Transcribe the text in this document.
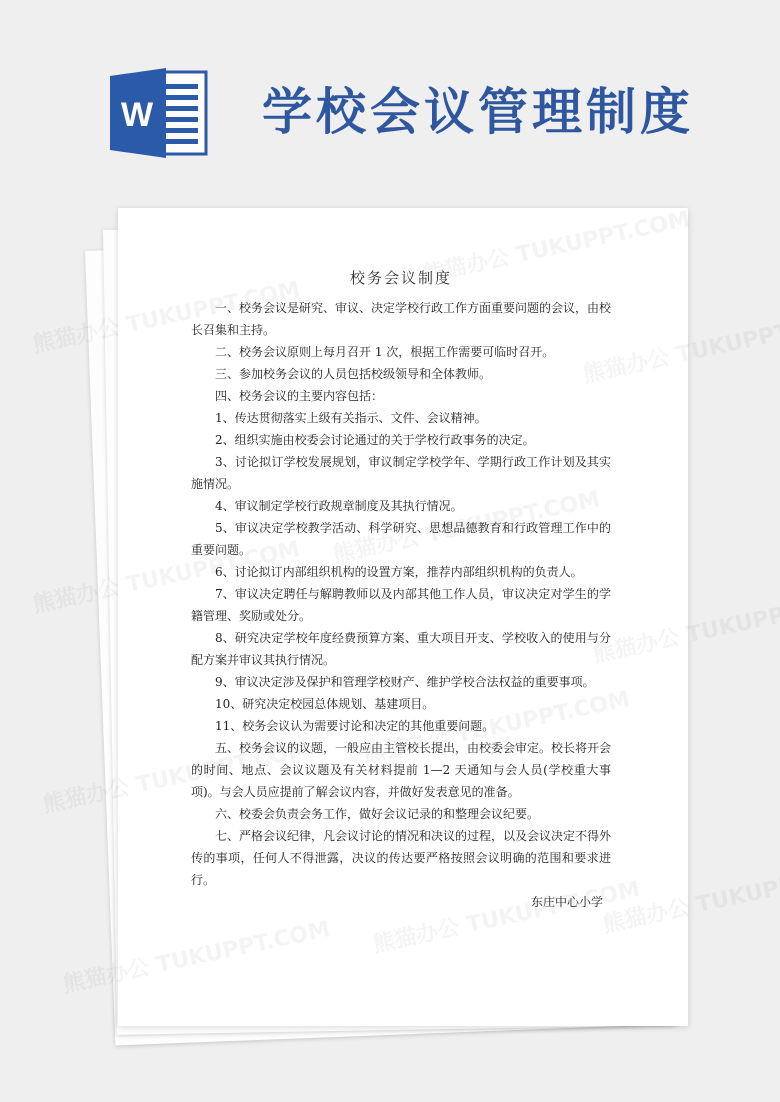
W 学校会议管理制度
校务会议制度

一、校务会议是研究、审议、决定学校行政工作方面重要问题的会议，由校长召集和主持。

二、校务会议原则上每月召开 1 次，根据工作需要可临时召开。

三、参加校务会议的人员包括校级领导和全体教师。

四、校务会议的主要内容包括：

1、传达贯彻落实上级有关指示、文件、会议精神。

2、组织实施由校委会讨论通过的关于学校行政事务的决定。

3、讨论拟订学校发展规划，审议制定学校学年、学期行政工作计划及其实施情况。

4、审议制定学校行政规章制度及其执行情况。

5、审议决定学校教学活动、科学研究、思想品德教育和行政管理工作中的重要问题。

6、讨论拟订内部组织机构的设置方案，推荐内部组织机构的负责人。

7、审议决定聘任与解聘教师以及内部其他工作人员，审议决定对学生的学籍管理、奖励或处分。

8、研究决定学校年度经费预算方案、重大项目开支、学校收入的使用与分配方案并审议其执行情况。

9、审议决定涉及保护和管理学校财产、维护学校合法权益的重要事项。

10、研究决定校园总体规划、基建项目。

11、校务会议认为需要讨论和决定的其他重要问题。

五、校务会议的议题，一般应由主管校长提出，由校委会审定。校长将开会的时间、地点、会议议题及有关材料提前 1—2 天通知与会人员(学校重大事项)。与会人员应提前了解会议内容，并做好发表意见的准备。

六、校委会负责会务工作，做好会议记录的和整理会议纪要。

七、严格会议纪律，凡会议讨论的情况和决议的过程，以及会议决定不得外传的事项，任何人不得泄露，决议的传达要严格按照会议明确的范围和要求进行。

东庄中心小学
